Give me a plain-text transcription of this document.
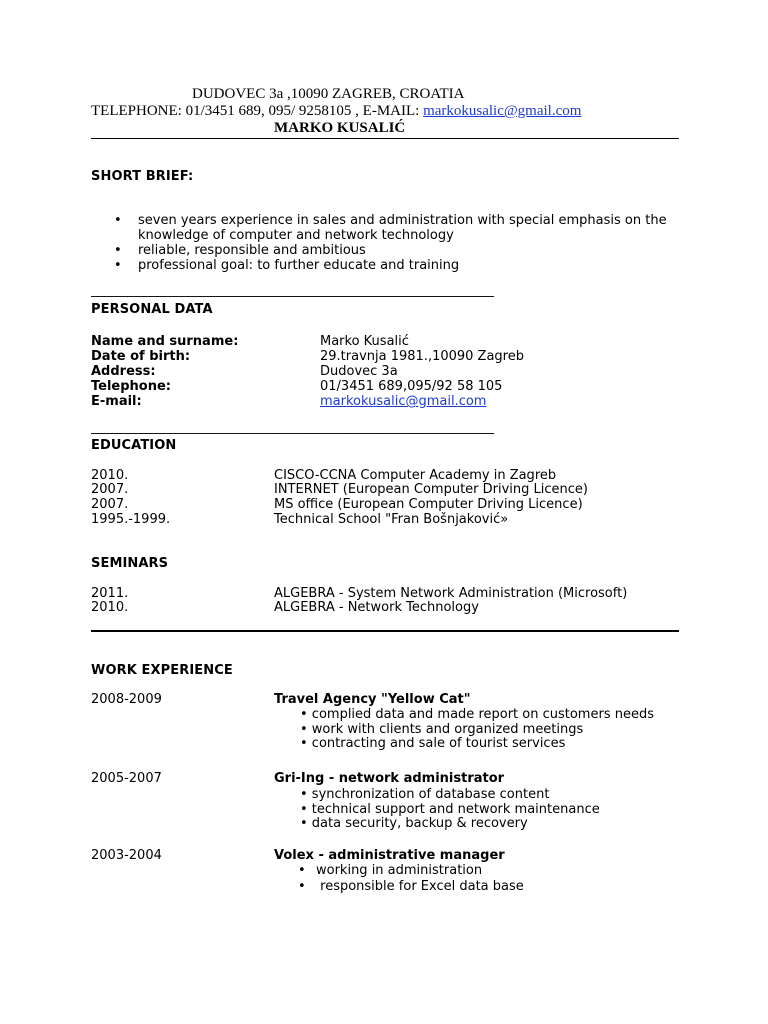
DUDOVEC 3a ,10090 ZAGREB, CROATIA
TELEPHONE: 01/3451 689, 095/ 9258105 , E-MAIL: markokusalic@gmail.com
MARKO KUSALIĆ
SHORT BRIEF:
• seven years experience in sales and administration with special emphasis on the
knowledge of computer and network technology
• reliable, responsible and ambitious
• professional goal: to further educate and training
______________________________________________________________
PERSONAL DATA
Name and surname:	Marko Kusalić
Date of birth:	29.travnja 1981.,10090 Zagreb
Address:	Dudovec 3a
Telephone:	01/3451 689,095/92 58 105
E-mail:	markokusalic@gmail.com
______________________________________________________________
EDUCATION
2010.	CISCO-CCNA Computer Academy in Zagreb
2007.	INTERNET (European Computer Driving Licence)
2007.	MS office (European Computer Driving Licence)
1995.-1999.	Technical School "Fran Bošnjaković»
SEMINARS
2011.	ALGEBRA - System Network Administration (Microsoft)
2010.	ALGEBRA - Network Technology
WORK EXPERIENCE
2008-2009	Travel Agency "Yellow Cat"
• complied data and made report on customers needs
• work with clients and organized meetings
• contracting and sale of tourist services
2005-2007	Gri-Ing - network administrator
• synchronization of database content
• technical support and network maintenance
• data security, backup & recovery
2003-2004	Volex - administrative manager
• working in administration
• responsible for Excel data base
